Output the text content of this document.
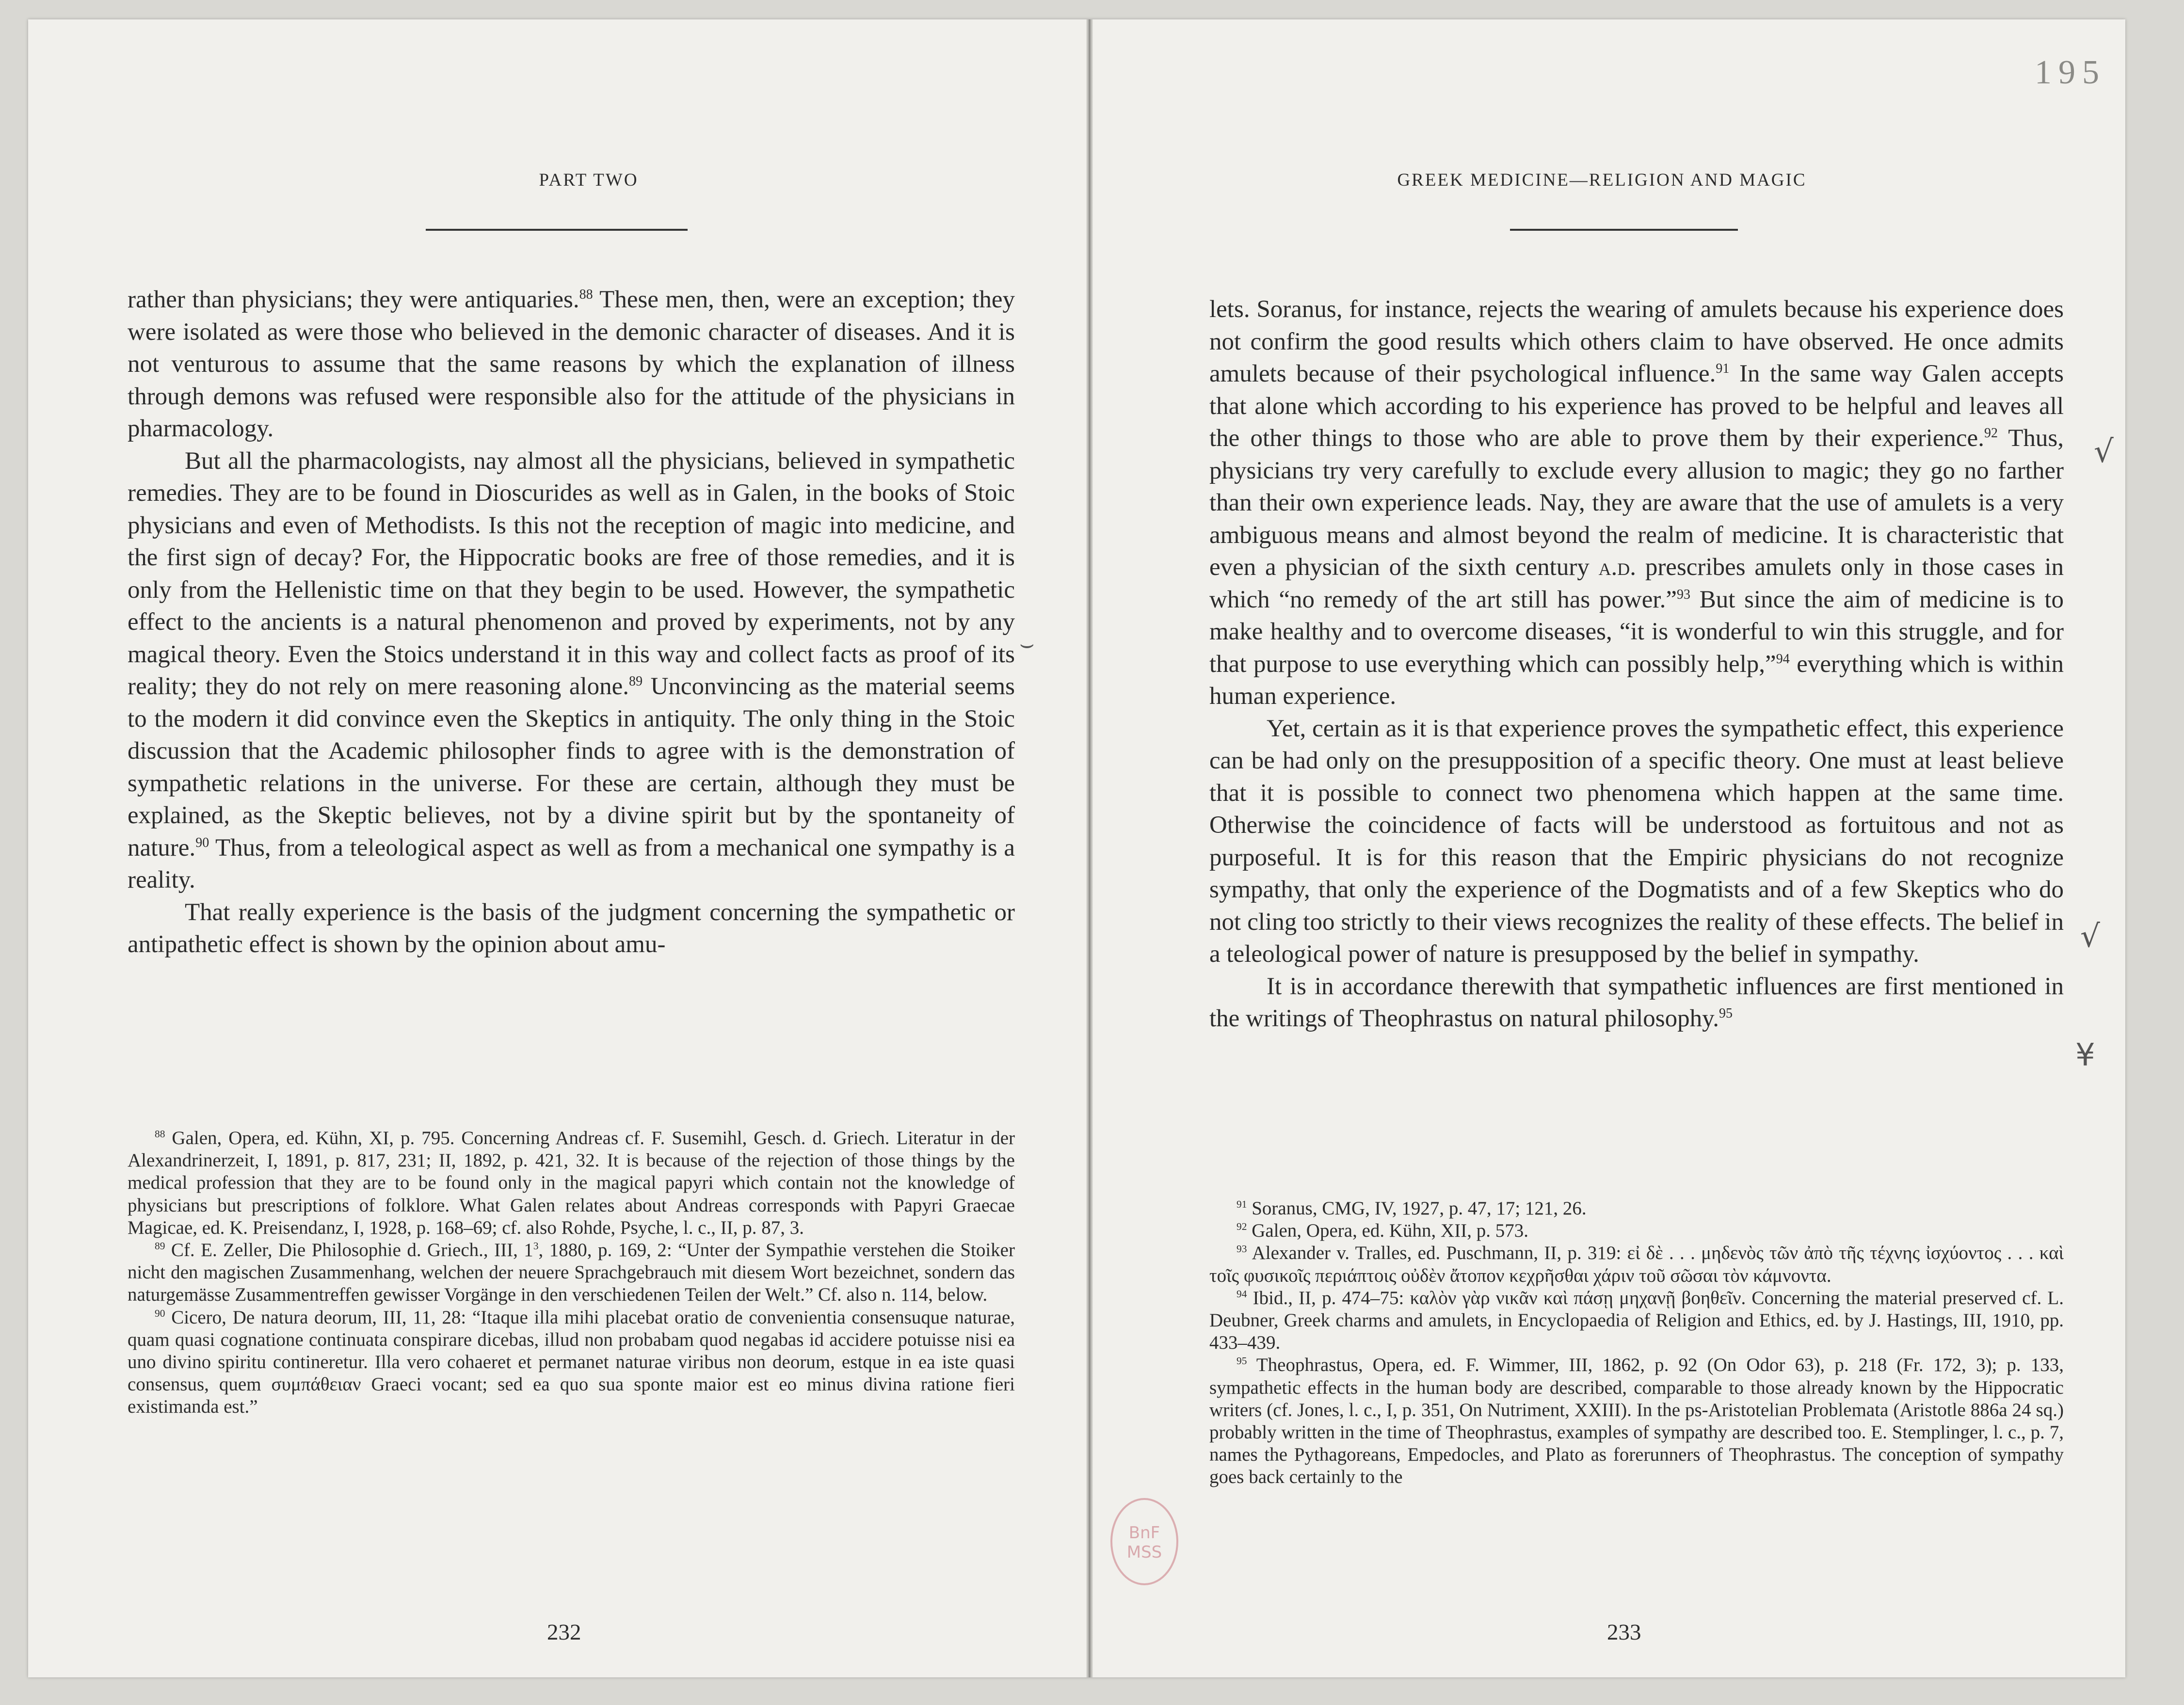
PART TWO

rather than physicians; they were antiquaries.$^{88}$ These men, then, were an exception; they were isolated as were those who believed in the demonic character of diseases. And it is not venturous to assume that the same reasons by which the explanation of illness through demons was refused were responsible also for the attitude of the physicians in pharmacology.

But all the pharmacologists, nay almost all the physicians, believed in sympathetic remedies. They are to be found in Dioscurides as well as in Galen, in the books of Stoic physicians and even of Methodists. Is this not the reception of magic into medicine, and the first sign of decay? For, the Hippocratic books are free of those remedies, and it is only from the Hellenistic time on that they begin to be used. However, the sympathetic effect to the ancients is a natural phenomenon and proved by experiments, not by any magical theory. Even the Stoics understand it in this way and collect facts as proof of its reality; they do not rely on mere reasoning alone.$^{89}$ Unconvincing as the material seems to the modern it did convince even the Skeptics in antiquity. The only thing in the Stoic discussion that the Academic philosopher finds to agree with is the demonstration of sympathetic relations in the universe. For these are certain, although they must be explained, as the Skeptic believes, not by a divine spirit but by the spontaneity of nature.$^{90}$ Thus, from a teleological aspect as well as from a mechanical one sympathy is a reality.

That really experience is the basis of the judgment concerning the sympathetic or antipathetic effect is shown by the opinion about amu-

$^{88}$ Galen, Opera, ed. Kühn, XI, p. 795. Concerning Andreas cf. F. Susemihl, Gesch. d. Griech. Literatur in der Alexandrinerzeit, I, 1891, p. 817, 231; II, 1892, p. 421, 32. It is because of the rejection of those things by the medical profession that they are to be found only in the magical papyri which contain not the knowledge of physicians but prescriptions of folklore. What Galen relates about Andreas corresponds with Papyri Graecae Magicae, ed. K. Preisendanz, I, 1928, p. 168–69; cf. also Rohde, Psyche, l. c., II, p. 87, 3.

$^{89}$ Cf. E. Zeller, Die Philosophie d. Griech., III, $1^3$, 1880, p. 169, 2: “Unter der Sympathie verstehen die Stoiker nicht den magischen Zusammenhang, welchen der neuere Sprachgebrauch mit diesem Wort bezeichnet, sondern das naturgemässe Zusammentreffen gewisser Vorgänge in den verschiedenen Teilen der Welt.” Cf. also n. 114, below.

$^{90}$ Cicero, De natura deorum, III, 11, 28: “Itaque illa mihi placebat oratio de convenientia consensuque naturae, quam quasi cognatione continuata conspirare dicebas, illud non probabam quod negabas id accidere potuisse nisi ea uno divino spiritu contineretur. Illa vero cohaeret et permanet naturae viribus non deorum, estque in ea iste quasi consensus, quem συμπάθειαν Graeci vocant; sed ea quo sua sponte maior est eo minus divina ratione fieri existimanda est.”

232
195
GREEK MEDICINE—RELIGION AND MAGIC

lets. Soranus, for instance, rejects the wearing of amulets because his experience does not confirm the good results which others claim to have observed. He once admits amulets because of their psychological influence.$^{91}$ In the same way Galen accepts that alone which according to his experience has proved to be helpful and leaves all the other things to those who are able to prove them by their experience.$^{92}$ Thus, physicians try very carefully to exclude every allusion to magic; they go no farther than their own experience leads. Nay, they are aware that the use of amulets is a very ambiguous means and almost beyond the realm of medicine. It is characteristic that even a physician of the sixth century a.d. prescribes amulets only in those cases in which “no remedy of the art still has power.”$^{93}$ But since the aim of medicine is to make healthy and to overcome diseases, “it is wonderful to win this struggle, and for that purpose to use everything which can possibly help,”$^{94}$ everything which is within human experience.

Yet, certain as it is that experience proves the sympathetic effect, this experience can be had only on the presupposition of a specific theory. One must at least believe that it is possible to connect two phenomena which happen at the same time. Otherwise the coincidence of facts will be understood as fortuitous and not as purposeful. It is for this reason that the Empiric physicians do not recognize sympathy, that only the experience of the Dogmatists and of a few Skeptics who do not cling too strictly to their views recognizes the reality of these effects. The belief in a teleological power of nature is presupposed by the belief in sympathy.

It is in accordance therewith that sympathetic influences are first mentioned in the writings of Theophrastus on natural philosophy.$^{95}$

$^{91}$ Soranus, CMG, IV, 1927, p. 47, 17; 121, 26.

$^{92}$ Galen, Opera, ed. Kühn, XII, p. 573.

$^{93}$ Alexander v. Tralles, ed. Puschmann, II, p. 319: εἰ δὲ . . . μηδενὸς τῶν ἀπὸ τῆς τέχνης ἰσχύοντος . . . καὶ τοῖς φυσικοῖς περιάπτοις οὐδὲν ἄτοπον κεχρῆσθαι χάριν τοῦ σῶσαι τὸν κάμνοντα.

$^{94}$ Ibid., II, p. 474–75: καλὸν γὰρ νικᾶν καὶ πάσῃ μηχανῇ βοηθεῖν. Concerning the material preserved cf. L. Deubner, Greek charms and amulets, in Encyclopaedia of Religion and Ethics, ed. by J. Hastings, III, 1910, pp. 433–439.

$^{95}$ Theophrastus, Opera, ed. F. Wimmer, III, 1862, p. 92 (On Odor 63), p. 218 (Fr. 172, 3); p. 133, sympathetic effects in the human body are described, comparable to those already known by the Hippocratic writers (cf. Jones, l. c., I, p. 351, On Nutriment, XXIII). In the ps-Aristotelian Problemata (Aristotle 886a 24 sq.) probably written in the time of Theophrastus, examples of sympathy are described too. E. Stemplinger, l. c., p. 7, names the Pythagoreans, Empedocles, and Plato as forerunners of Theophrastus. The conception of sympathy goes back certainly to the

233
√
√
¥
⌣
BnF
MSS
